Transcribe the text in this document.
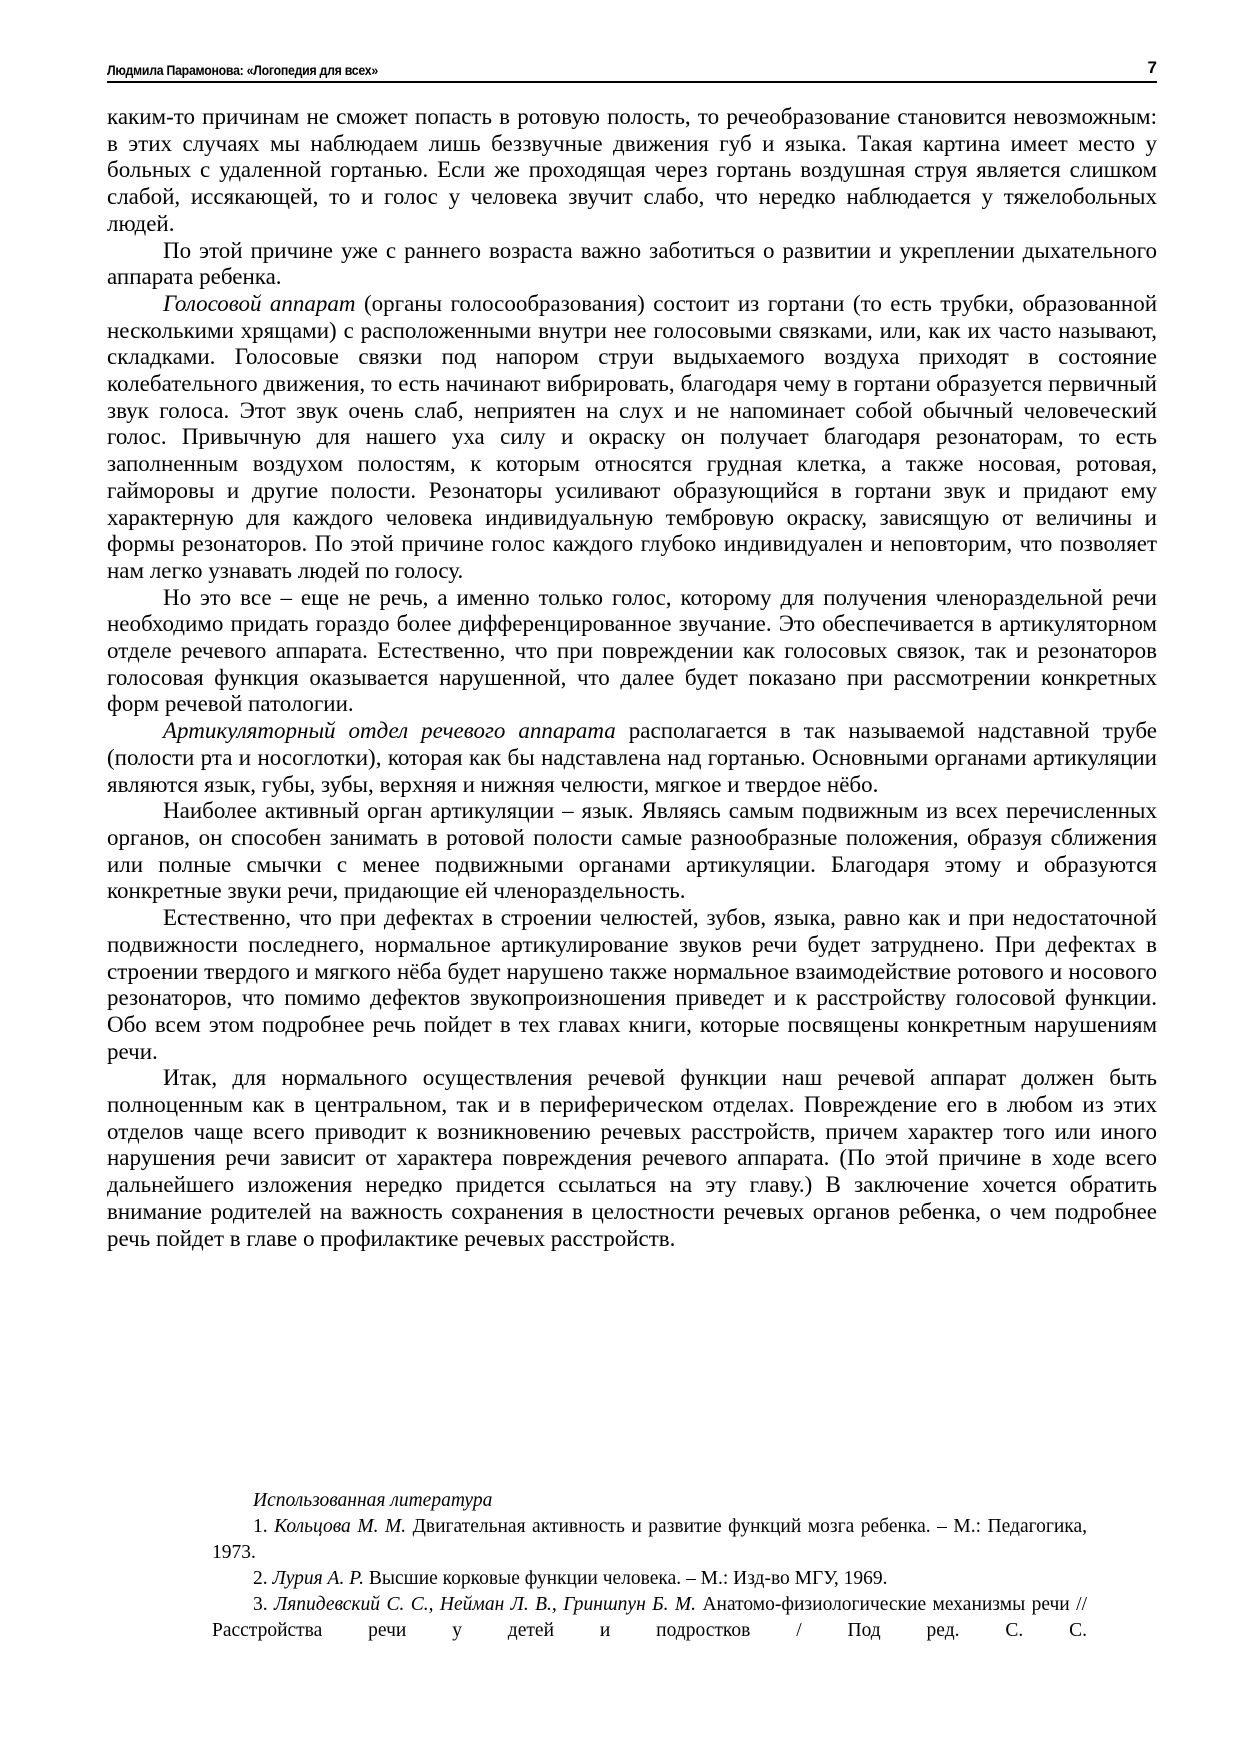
Людмила Парамонова: «Логопедия для всех»	7

каким-то причинам не сможет попасть в ротовую полость, то речеобразование становится невозможным: в этих случаях мы наблюдаем лишь беззвучные движения губ и языка. Такая картина имеет место у больных с удаленной гортанью. Если же проходящая через гортань воздушная струя является слишком слабой, иссякающей, то и голос у человека звучит слабо, что нередко наблюдается у тяжелобольных людей.

По этой причине уже с раннего возраста важно заботиться о развитии и укреплении дыхательного аппарата ребенка.

Голосовой аппарат (органы голосообразования) состоит из гортани (то есть трубки, образованной несколькими хрящами) с расположенными внутри нее голосовыми связками, или, как их часто называют, складками. Голосовые связки под напором струи выдыхаемого воздуха приходят в состояние колебательного движения, то есть начинают вибрировать, благодаря чему в гортани образуется первичный звук голоса. Этот звук очень слаб, неприятен на слух и не напоминает собой обычный человеческий голос. Привычную для нашего уха силу и окраску он получает благодаря резонаторам, то есть заполненным воздухом полостям, к которым относятся грудная клетка, а также носовая, ротовая, гайморовы и другие полости. Резонаторы усиливают образующийся в гортани звук и придают ему характерную для каждого человека индивидуальную тембровую окраску, зависящую от величины и формы резонаторов. По этой причине голос каждого глубоко индивидуален и неповторим, что позволяет нам легко узнавать людей по голосу.

Но это все – еще не речь, а именно только голос, которому для получения членораздельной речи необходимо придать гораздо более дифференцированное звучание. Это обеспечивается в артикуляторном отделе речевого аппарата. Естественно, что при повреждении как голосовых связок, так и резонаторов голосовая функция оказывается нарушенной, что далее будет показано при рассмотрении конкретных форм речевой патологии.

Артикуляторный отдел речевого аппарата располагается в так называемой надставной трубе (полости рта и носоглотки), которая как бы надставлена над гортанью. Основными органами артикуляции являются язык, губы, зубы, верхняя и нижняя челюсти, мягкое и твердое нёбо.

Наиболее активный орган артикуляции – язык. Являясь самым подвижным из всех перечисленных органов, он способен занимать в ротовой полости самые разнообразные положения, образуя сближения или полные смычки с менее подвижными органами артикуляции. Благодаря этому и образуются конкретные звуки речи, придающие ей членораздельность.

Естественно, что при дефектах в строении челюстей, зубов, языка, равно как и при недостаточной подвижности последнего, нормальное артикулирование звуков речи будет затруднено. При дефектах в строении твердого и мягкого нёба будет нарушено также нормальное взаимодействие ротового и носового резонаторов, что помимо дефектов звукопроизношения приведет и к расстройству голосовой функции. Обо всем этом подробнее речь пойдет в тех главах книги, которые посвящены конкретным нарушениям речи.

Итак, для нормального осуществления речевой функции наш речевой аппарат должен быть полноценным как в центральном, так и в периферическом отделах. Повреждение его в любом из этих отделов чаще всего приводит к возникновению речевых расстройств, причем характер того или иного нарушения речи зависит от характера повреждения речевого аппарата. (По этой причине в ходе всего дальнейшего изложения нередко придется ссылаться на эту главу.) В заключение хочется обратить внимание родителей на важность сохранения в целостности речевых органов ребенка, о чем подробнее речь пойдет в главе о профилактике речевых расстройств.

Использованная литература

1. Кольцова М. М. Двигательная активность и развитие функций мозга ребенка. – М.: Педагогика, 1973.

2. Лурия А. Р. Высшие корковые функции человека. – М.: Изд-во МГУ, 1969.

3. Ляпидевский С. С., Нейман Л. В., Гриншпун Б. М. Анатомо-физиологические механизмы речи // Расстройства речи у детей и подростков / Под ред. С. С.
